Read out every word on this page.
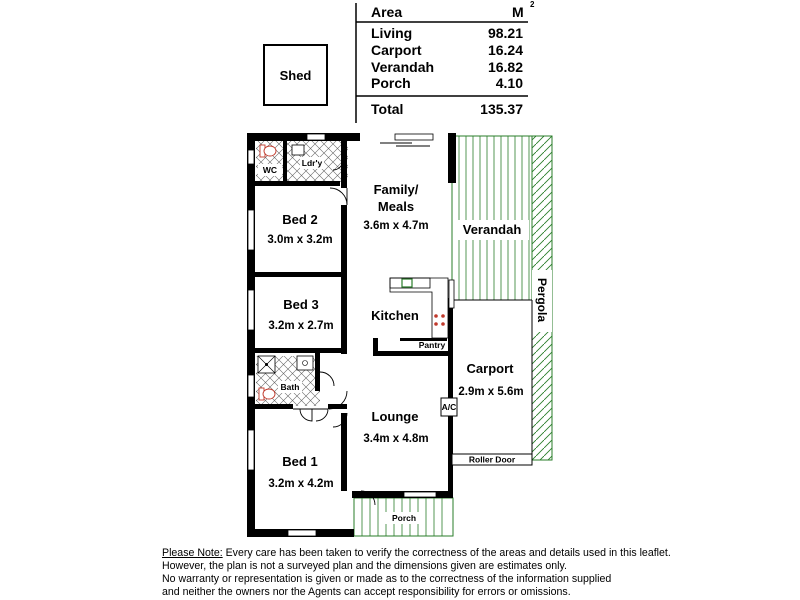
Area	M 2
Living	98.21
Carport	16.24
Verandah	16.82
Porch	4.10
Total	135.37
Shed
Verandah
Pergola
Carport
2.9m x 5.6m
A/C
Roller Door
Porch
Ldr'y
WC
Family/
Meals
3.6m x 4.7m
Bed 2
3.0m x 3.2m
Bed 3
3.2m x 2.7m
Kitchen
Pantry
Bath
Lounge
3.4m x 4.8m
Bed 1
3.2m x 4.2m
Please Note: Every care has been taken to verify the correctness of the areas and details used in this leaflet.
However, the plan is not a surveyed plan and the dimensions given are estimates only.
No warranty or representation is given or made as to the correctness of the information supplied
and neither the owners nor the Agents can accept responsibility for errors or omissions.
